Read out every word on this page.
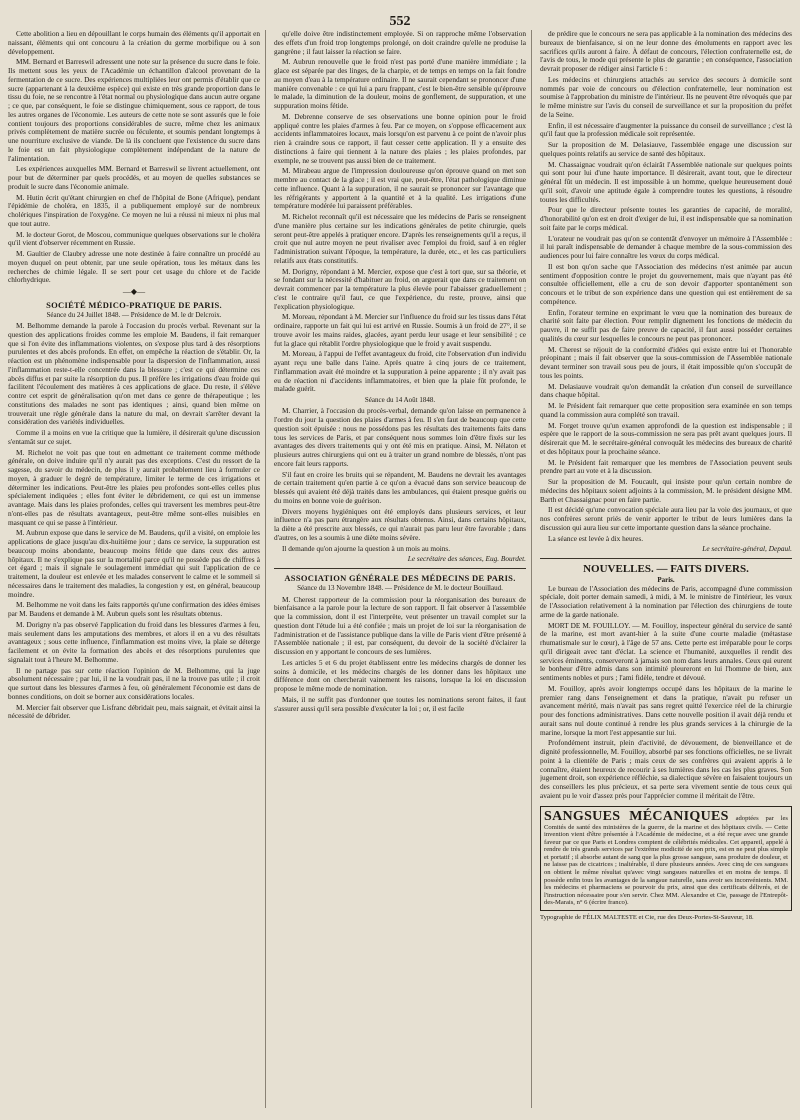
552

Cette abolition a lieu en dépouillant le corps humain des éléments qu'il apportait en naissant, éléments qui ont concouru à la création du germe morbifique ou à son développement.

MM. Bernard et Barreswil adressent une note sur la présence du sucre dans le foie. Ils mettent sous les yeux de l'Académie un échantillon d'alcool provenant de la fermentation de ce sucre. Des expériences multipliées leur ont permis d'établir que ce sucre (appartenant à la deuxième espèce) qui existe en très grande proportion dans le tissu du foie, ne se rencontre à l'état normal ou physiologique dans aucun autre organe ; ce que, par conséquent, le foie se distingue chimiquement, sous ce rapport, de tous les autres organes de l'économie. Les auteurs de cette note se sont assurés que le foie contient toujours des proportions considérables de sucre, même chez les animaux privés complètement de matière sucrée ou féculente, et soumis pendant longtemps à une nourriture exclusive de viande. De là ils concluent que l'existence du sucre dans le foie est un fait physiologique complètement indépendant de la nature de l'alimentation.

Les expériences auxquelles MM. Bernard et Barreswil se livrent actuellement, ont pour but de déterminer par quels procédés, et au moyen de quelles substances se produit le sucre dans l'économie animale.

M. Hutin écrit qu'étant chirurgien en chef de l'hôpital de Bone (Afrique), pendant l'épidémie de choléra, en 1835, il a publiquement employé sur de nombreux cholériques l'inspiration de l'oxygène. Ce moyen ne lui a réussi ni mieux ni plus mal que tout autre.

M. le docteur Gorot, de Moscou, communique quelques observations sur le choléra qu'il vient d'observer récemment en Russie.

M. Gaultier de Claubry adresse une note destinée à faire connaître un procédé au moyen duquel on peut obtenir, par une seule opération, tous les métaux dans les recherches de chimie légale. Il se sert pour cet usage du chlore et de l'acide chlorhydrique.

—◆—
SOCIÉTÉ MÉDICO-PRATIQUE DE PARIS.
Séance du 24 Juillet 1848. — Présidence de M. le dr Delcroix.

M. Belhomme demande la parole à l'occasion du procès verbal. Revenant sur la question des applications froides comme les emploie M. Baudens, il fait remarquer que si l'on évite des inflammations violentes, on s'expose plus tard à des résorptions purulentes et des abcès profonds. En effet, on empêche la réaction de s'établir. Or, la réaction est un phénomène indispensable pour la dispersion de l'inflammation, aussi l'inflammation reste-t-elle concentrée dans la blessure ; c'est ce qui détermine ces abcès diffus et par suite la résorption du pus. Il préfère les irrigations d'eau froide qui facilitent l'écoulement des matières à ces applications de glace. Du reste, il s'élève contre cet esprit de généralisation qu'on met dans ce genre de thérapeutique ; les constitutions des malades ne sont pas identiques ; ainsi, quand bien même on trouverait une règle générale dans la nature du mal, on devrait s'arrêter devant la considération des variétés individuelles.

Comme il a moins en vue la critique que la lumière, il désirerait qu'une discussion s'entamât sur ce sujet.

M. Richelot ne voit pas que tout en admettant ce traitement comme méthode générale, on doive induire qu'il n'y aurait pas des exceptions. C'est du ressort de la sagesse, du savoir du médecin, de plus il y aurait probablement lieu à formuler ce moyen, à graduer le degré de température, limiter le terme de ces irrigations et déterminer les indications. Peut-être les plaies peu profondes sont-elles celles plus spécialement indiquées ; elles font éviter le débridement, ce qui est un immense avantage. Mais dans les plaies profondes, celles qui traversent les membres peut-être n'ont-elles pas de résultats avantageux, peut-être même sont-elles nuisibles en masquant ce qui se passe à l'intérieur.

M. Aubrun expose que dans le service de M. Baudens, qu'il a visité, on emploie les applications de glace jusqu'au dix-huitième jour ; dans ce service, la suppuration est beaucoup moins abondante, beaucoup moins fétide que dans ceux des autres hôpitaux. Il ne s'explique pas sur la mortalité parce qu'il ne possède pas de chiffres à cet égard ; mais il signale le soulagement immédiat qui suit l'application de ce traitement, la douleur est enlevée et les malades conservent le calme et le sommeil si nécessaires dans le traitement des maladies, la congestion y est, en général, beaucoup moindre.

M. Belhomme ne voit dans les faits rapportés qu'une confirmation des idées émises par M. Baudens et demande à M. Aubrun quels sont les résultats obtenus.

M. Dorigny n'a pas observé l'application du froid dans les blessures d'armes à feu, mais seulement dans les amputations des membres, et alors il en a vu des résultats avantageux ; sous cette influence, l'inflammation est moins vive, la plaie se déterge facilement et on évite la formation des abcès et des résorptions purulentes que signalait tout à l'heure M. Belhomme.

Il ne partage pas sur cette réaction l'opinion de M. Belhomme, qui la juge absolument nécessaire ; par lui, il ne la voudrait pas, il ne la trouve pas utile ; il croit que surtout dans les blessures d'armes à feu, où généralement l'économie est dans de bonnes conditions, on doit se borner aux considérations locales.

M. Mercier fait observer que Lisfranc débridait peu, mais saignait, et évitait ainsi la nécessité de débrider.

qu'elle doive être indistinctement employée. Si on rapproche même l'observation des effets d'un froid trop longtemps prolongé, on doit craindre qu'elle ne produise la gangrène ; il faut laisser la réaction se faire.

M. Aubrun renouvelle que le froid n'est pas porté d'une manière immédiate ; la glace est séparée par des linges, de la charpie, et de temps en temps on la fait fondre au moyen d'eau à la température ordinaire. Il ne saurait cependant se prononcer d'une manière convenable : ce qui lui a paru frappant, c'est le bien-être sensible qu'éprouve le malade, la diminution de la douleur, moins de gonflement, de suppuration, et une suppuration moins fétide.

M. Debrenne conserve de ses observations une bonne opinion pour le froid appliqué contre les plaies d'armes à feu. Par ce moyen, on s'oppose efficacement aux accidents inflammatoires locaux, mais lorsqu'on est parvenu à ce point de n'avoir plus rien à craindre sous ce rapport, il faut cesser cette application. Il y a ensuite des distinctions à faire qui tiennent à la nature des plaies ; les plaies profondes, par exemple, ne se trouvent pas aussi bien de ce traitement.

M. Mirabeau argue de l'impression douloureuse qu'on éprouve quand on met son membre au contact de la glace ; il est vrai que, peut-être, l'état pathologique diminue cette influence. Quant à la suppuration, il ne saurait se prononcer sur l'avantage que les réfrigérants y apportent à la quantité et à la qualité. Les irrigations d'une température modérée lui paraissent préférables.

M. Richelot reconnaît qu'il est nécessaire que les médecins de Paris se renseignent d'une manière plus certaine sur les indications générales de petite chirurgie, quels seront peut-être appelés à pratiquer encore. D'après les renseignements qu'il a reçus, il croit que nul autre moyen ne peut rivaliser avec l'emploi du froid, sauf à en régler l'administration suivant l'époque, la température, la durée, etc., et les cas particuliers relatifs aux états constitutifs.

M. Dorigny, répondant à M. Mercier, expose que c'est à tort que, sur sa théorie, et se fondant sur la nécessité d'habituer au froid, on arguerait que dans ce traitement on devrait commencer par la température la plus élevée pour l'abaisser graduellement ; c'est le contraire qu'il faut, ce que l'expérience, du reste, prouve, ainsi que l'explication physiologique.

M. Moreau, répondant à M. Mercier sur l'influence du froid sur les tissus dans l'état ordinaire, rapporte un fait qui lui est arrivé en Russie. Soumis à un froid de 27°, il se trouve avoir les mains raides, glacées, ayant perdu leur usage et leur sensibilité ; ce fut la glace qui rétablit l'ordre physiologique que le froid y avait suspendu.

M. Moreau, à l'appui de l'effet avantageux du froid, cite l'observation d'un individu ayant reçu une balle dans l'aine. Après quatre à cinq jours de ce traitement, l'inflammation avait été moindre et la suppuration à peine apparente ; il n'y avait pas eu de réaction ni d'accidents inflammatoires, et bien que la plaie fût profonde, le malade guérit.

Séance du 14 Août 1848.

M. Charrier, à l'occasion du procès-verbal, demande qu'on laisse en permanence à l'ordre du jour la question des plaies d'armes à feu. Il s'en faut de beaucoup que cette question soit épuisée : nous ne possédons pas les résultats des traitements faits dans tous les services de Paris, et par conséquent nous sommes loin d'être fixés sur les avantages des divers traitements qui y ont été mis en pratique. Ainsi, M. Nélaton et plusieurs autres chirurgiens qui ont eu à traiter un grand nombre de blessés, n'ont pas encore fait leurs rapports.

S'il faut en croire les bruits qui se répandent, M. Baudens ne devrait les avantages de certain traitement qu'en partie à ce qu'on a évacué dans son service beaucoup de blessés qui avaient été déjà traités dans les ambulances, qui étaient presque guéris ou du moins en bonne voie de guérison.

Divers moyens hygiéniques ont été employés dans plusieurs services, et leur influence n'a pas paru étrangère aux résultats obtenus. Ainsi, dans certains hôpitaux, la diète a été prescrite aux blessés, ce qui n'aurait pas paru leur être favorable ; dans d'autres, on les a soumis à une diète moins sévère.

Il demande qu'on ajourne la question à un mois au moins.

Le secrétaire des séances, Eug. Bourdet.
ASSOCIATION GÉNÉRALE DES MÉDECINS DE PARIS.
Séance du 13 Novembre 1848. — Présidence de M. le docteur Bouillaud.

M. Cherest rapporteur de la commission pour la réorganisation des bureaux de bienfaisance a la parole pour la lecture de son rapport. Il fait observer à l'assemblée que la commission, dont il est l'interprète, veut présenter un travail complet sur la question dont l'étude lui a été confiée ; mais un projet de loi sur la réorganisation de l'administration et de l'assistance publique dans la ville de Paris vient d'être présenté à l'Assemblée nationale ; il est, par conséquent, du devoir de la société d'éclairer la discussion en y apportant le concours de ses lumières.

Les articles 5 et 6 du projet établissent entre les médecins chargés de donner les soins à domicile, et les médecins chargés de les donner dans les hôpitaux une différence dont on chercherait vainement les raisons, lorsque la loi en discussion propose le même mode de nomination.

Mais, il ne suffit pas d'ordonner que toutes les nominations seront faites, il faut s'assurer aussi qu'il sera possible d'exécuter la loi ; or, il est facile

de prédire que le concours ne sera pas applicable à la nomination des médecins des bureaux de bienfaisance, si on ne leur donne des émoluments en rapport avec les sacrifices qu'ils auront à faire. À défaut de concours, l'élection confraternelle est, de l'avis de tous, le mode qui présente le plus de garantie ; en conséquence, l'association devrait proposer de rédiger ainsi l'article 6 :

Les médecins et chirurgiens attachés au service des secours à domicile sont nommés par voie de concours ou d'élection confraternelle, leur nomination est soumise à l'approbation du ministre de l'intérieur. Ils ne peuvent être révoqués que par le même ministre sur l'avis du conseil de surveillance et sur la proposition du préfet de la Seine.

Enfin, il est nécessaire d'augmenter la puissance du conseil de surveillance ; c'est là qu'il faut que la profession médicale soit représentée.

Sur la proposition de M. Delasiauve, l'assemblée engage une discussion sur quelques points relatifs au service de santé des hôpitaux.

M. Chassaignac voudrait qu'on éclairât l'Assemblée nationale sur quelques points qui sont pour lui d'une haute importance. Il désirerait, avant tout, que le directeur général fût un médecin. Il est impossible à un homme, quelque heureusement doué qu'il soit, d'avoir une aptitude égale à comprendre toutes les questions, à résoudre toutes les difficultés.

Pour que le directeur présente toutes les garanties de capacité, de moralité, d'honorabilité qu'on est en droit d'exiger de lui, il est indispensable que sa nomination soit faite par le corps médical.

L'orateur ne voudrait pas qu'on se contentât d'envoyer un mémoire à l'Assemblée : il lui paraît indispensable de demander à chaque membre de la sous-commission des audiences pour lui faire connaître les vœux du corps médical.

Il est bon qu'on sache que l'Association des médecins n'est animée par aucun sentiment d'opposition contre le projet du gouvernement, mais que n'ayant pas été consultée officiellement, elle a cru de son devoir d'apporter spontanément son concours et le tribut de son expérience dans une question qui est entièrement de sa compétence.

Enfin, l'orateur termine en exprimant le vœu que la nomination des bureaux de charité soit faite par élection. Pour remplir dignement les fonctions de médecin du pauvre, il ne suffit pas de faire preuve de capacité, il faut aussi posséder certaines qualités du cœur sur lesquelles le concours ne peut pas prononcer.

M. Cherest se réjouit de la conformité d'idées qui existe entre lui et l'honorable préopinant ; mais il fait observer que la sous-commission de l'Assemblée nationale devant terminer son travail sous peu de jours, il était impossible qu'on s'occupât de tous les points.

M. Delasiauve voudrait qu'on demandât la création d'un conseil de surveillance dans chaque hôpital.

M. le Président fait remarquer que cette proposition sera examinée en son temps quand la commission aura complété son travail.

M. Forget trouve qu'un examen approfondi de la question est indispensable ; il espère que le rapport de la sous-commission ne sera pas prêt avant quelques jours. Il désirerait que M. le secrétaire-général convoquât les médecins des bureaux de charité et des hôpitaux pour la prochaine séance.

M. le Président fait remarquer que les membres de l'Association peuvent seuls prendre part au vote et à la discussion.

Sur la proposition de M. Foucault, qui insiste pour qu'un certain nombre de médecins des hôpitaux soient adjoints à la commission, M. le président désigne MM. Barth et Chassaignac pour en faire partie.

Il est décidé qu'une convocation spéciale aura lieu par la voie des journaux, et que nos confrères seront priés de venir apporter le tribut de leurs lumières dans la discussion qui aura lieu sur cette importante question dans la séance prochaine.

La séance est levée à dix heures.

Le secrétaire-général, Depaul.
NOUVELLES. — FAITS DIVERS.
Paris.

Le bureau de l'Association des médecins de Paris, accompagné d'une commission spéciale, doit porter demain samedi, à midi, à M. le ministre de l'intérieur, les vœux de l'Association relativement à la nomination par l'élection des chirurgiens de toute arme de la garde nationale.

MORT DE M. FOUILLOY. — M. Fouilloy, inspecteur général du service de santé de la marine, est mort avant-hier à la suite d'une courte maladie (métastase rhumatismale sur le cœur), à l'âge de 57 ans. Cette perte est irréparable pour le corps qu'il dirigeait avec tant d'éclat. La science et l'humanité, auxquelles il rendit des services éminents, conserveront à jamais son nom dans leurs annales. Ceux qui eurent le bonheur d'être admis dans son intimité pleureront en lui l'homme de bien, aux sentiments nobles et purs ; l'ami fidèle, tendre et dévoué.

M. Fouilloy, après avoir longtemps occupé dans les hôpitaux de la marine le premier rang dans l'enseignement et dans la pratique, n'avait pu refuser un avancement mérité, mais n'avait pas sans regret quitté l'exercice réel de la chirurgie pour des fonctions administratives. Dans cette nouvelle position il avait déjà rendu et aurait sans nul doute continué à rendre les plus grands services à la chirurgie de la marine, lorsque la mort l'est appesantie sur lui.

Profondément instruit, plein d'activité, de dévouement, de bienveillance et de dignité professionnelle, M. Fouilloy, absorbé par ses fonctions officielles, ne se livrait point à la clientèle de Paris ; mais ceux de ses confrères qui avaient appris à le connaître, étaient heureux de recourir à ses lumières dans les cas les plus graves. Son jugement droit, son expérience réfléchie, sa dialectique sévère en faisaient toujours un des conseillers les plus précieux, et sa perte sera vivement sentie de tous ceux qui avaient pu le voir d'assez près pour l'apprécier comme il méritait de l'être.

SANGSUES MÉCANIQUES adoptées par les Comités de santé des ministères de la guerre, de la marine et des hôpitaux civils. — Cette invention vient d'être présentée à l'Académie de médecine, et a été reçue avec une grande faveur par ce que Paris et Londres comptent de célébrités médicales. Cet appareil, appelé à rendre de très grands services par l'extrême modicité de son prix, est en ne peut plus simple et portatif ; il absorbe autant de sang que la plus grosse sangsue, sans produire de douleur, et ne laisse pas de cicatrices ; inaltérable, il dure plusieurs années. Avec cinq de ces sangsues on obtient le même résultat qu'avec vingt sangsues naturelles et en moins de temps. Il possède enfin tous les avantages de la sangsue naturelle, sans avoir ses inconvénients. MM. les médecins et pharmaciens se pourvoir du prix, ainsi que des certificats délivrés, et de l'instruction nécessaire pour s'en servir. Chez MM. Alexandre et Cie, passage de l'Entrepôt-des-Marais, n° 6 (écrire franco).
Typographie de FÉLIX MALTESTE et Cie, rue des Deux-Portes-St-Sauveur, 18.
